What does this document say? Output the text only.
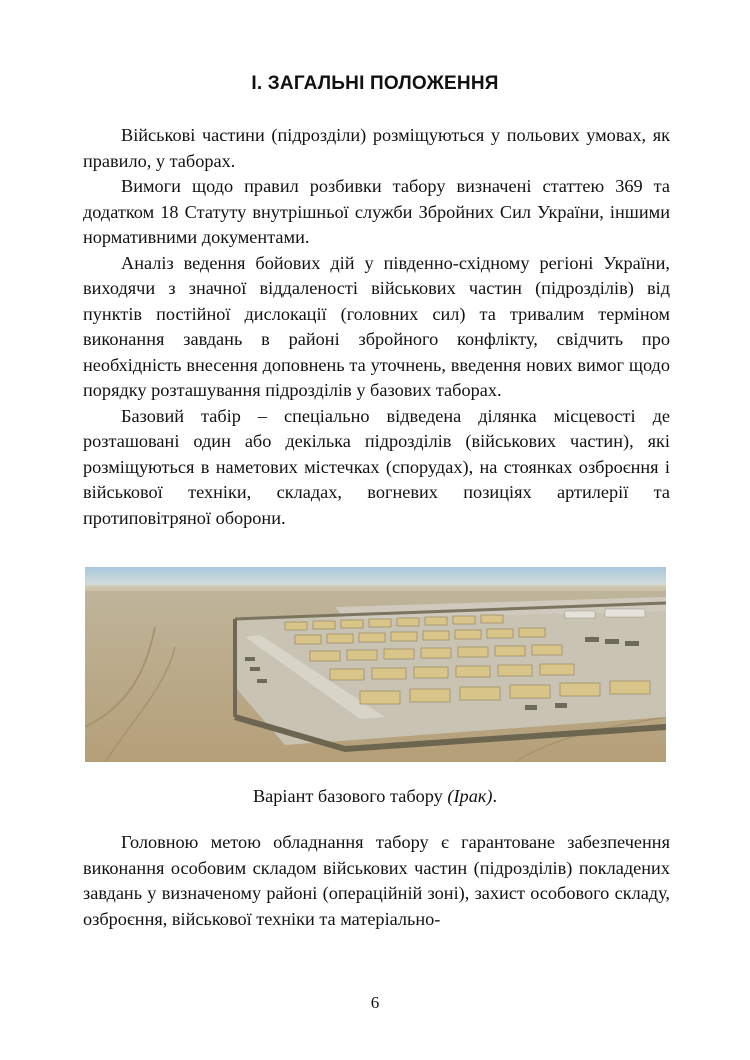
І. ЗАГАЛЬНІ ПОЛОЖЕННЯ

Військові частини (підрозділи) розміщуються у польових умовах, як правило, у таборах.

Вимоги щодо правил розбивки табору визначені статтею 369 та додатком 18 Статуту внутрішньої служби Збройних Сил України, іншими нормативними документами.

Аналіз ведення бойових дій у південно-східному регіоні України, виходячи з значної віддаленості військових частин (підрозділів) від пунктів постійної дислокації (головних сил) та тривалим терміном виконання завдань в районі збройного конфлікту, свідчить про необхідність внесення доповнень та уточнень, введення нових вимог щодо порядку розташування підрозділів у базових таборах.

Базовий табір – спеціально відведена ділянка місцевості де розташовані один або декілька підрозділів (військових частин), які розміщуються в наметових містечках (спорудах), на стоянках озброєння і військової техніки, складах, вогневих позиціях артилерії та протиповітряної оборони.

Варіант базового табору (Ірак).

Головною метою обладнання табору є гарантоване забезпечення виконання особовим складом військових частин (підрозділів) покладених завдань у визначеному районі (операційній зоні), захист особового складу, озброєння, військової техніки та матеріально-

6
